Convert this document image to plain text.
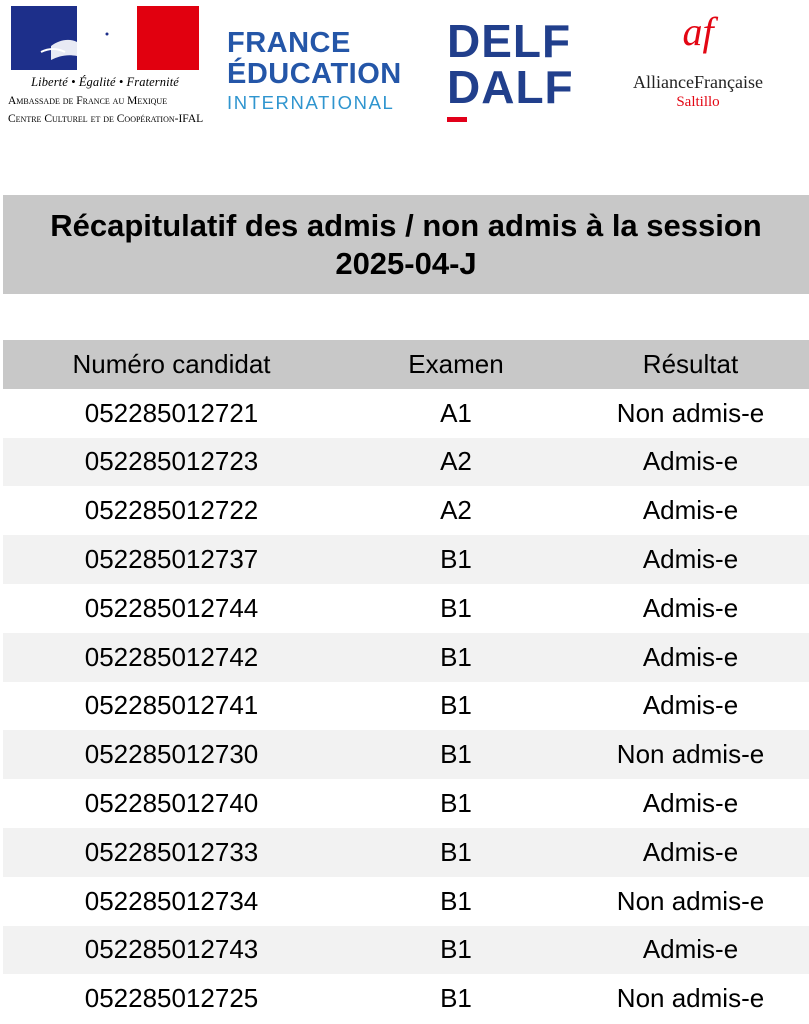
Liberté • Égalité • Fraternité
Ambassade de France au Mexique
Centre Culturel et de Coopération-IFAL
FRANCE
ÉDUCATION
INTERNATIONAL
DELF
DALF
af
AllianceFrançaise
Saltillo
Récapitulatif des admis / non admis à la session 2025-04-J
Numéro candidat	Examen	Résultat
052285012721	A1	Non admis-e
052285012723	A2	Admis-e
052285012722	A2	Admis-e
052285012737	B1	Admis-e
052285012744	B1	Admis-e
052285012742	B1	Admis-e
052285012741	B1	Admis-e
052285012730	B1	Non admis-e
052285012740	B1	Admis-e
052285012733	B1	Admis-e
052285012734	B1	Non admis-e
052285012743	B1	Admis-e
052285012725	B1	Non admis-e
